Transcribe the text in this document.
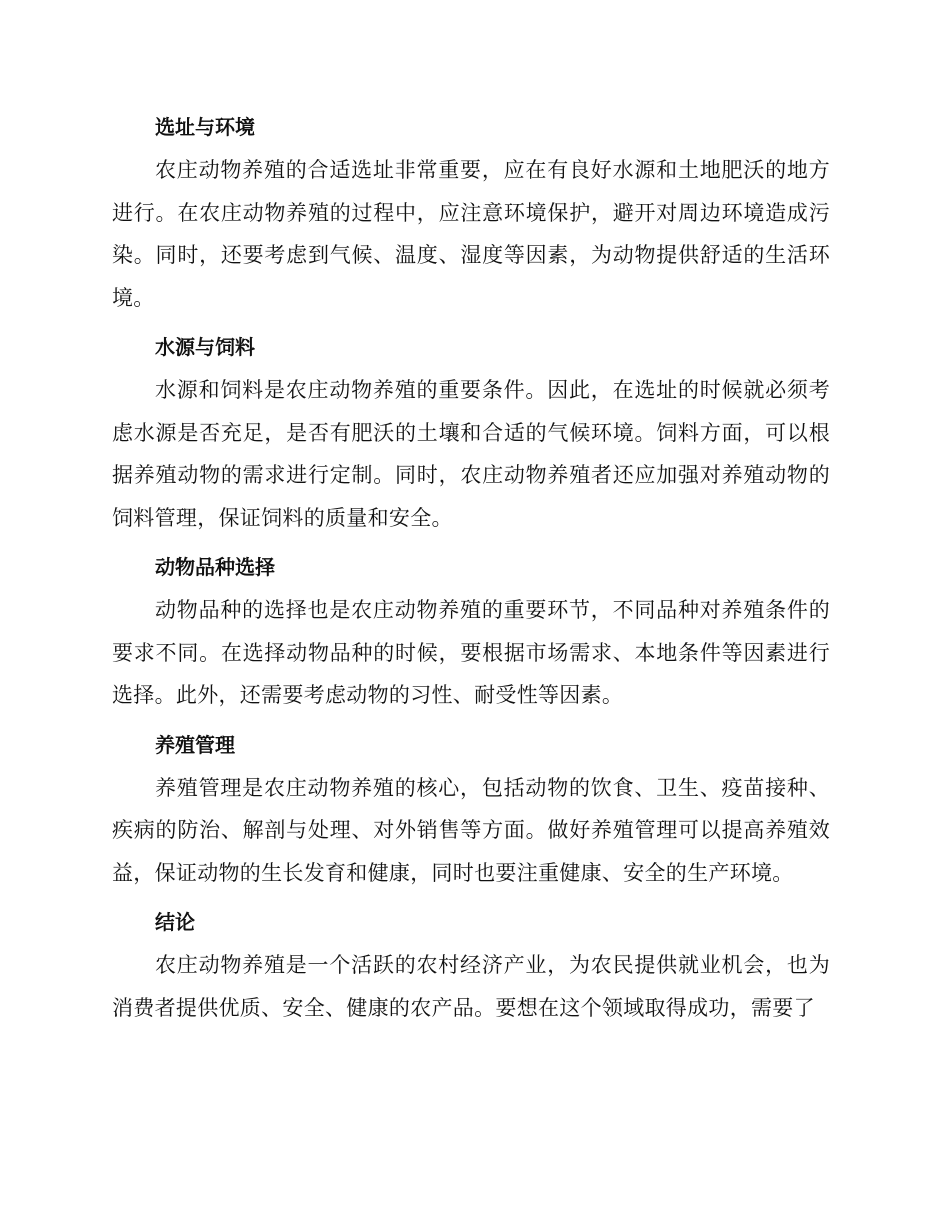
选址与环境

农庄动物养殖的合适选址非常重要，应在有良好水源和土地肥沃的地方进行。在农庄动物养殖的过程中，应注意环境保护，避开对周边环境造成污染。同时，还要考虑到气候、温度、湿度等因素，为动物提供舒适的生活环境。

水源与饲料

水源和饲料是农庄动物养殖的重要条件。因此，在选址的时候就必须考虑水源是否充足，是否有肥沃的土壤和合适的气候环境。饲料方面，可以根据养殖动物的需求进行定制。同时，农庄动物养殖者还应加强对养殖动物的饲料管理，保证饲料的质量和安全。

动物品种选择

动物品种的选择也是农庄动物养殖的重要环节，不同品种对养殖条件的要求不同。在选择动物品种的时候，要根据市场需求、本地条件等因素进行选择。此外，还需要考虑动物的习性、耐受性等因素。

养殖管理

养殖管理是农庄动物养殖的核心，包括动物的饮食、卫生、疫苗接种、疾病的防治、解剖与处理、对外销售等方面。做好养殖管理可以提高养殖效益，保证动物的生长发育和健康，同时也要注重健康、安全的生产环境。

结论

农庄动物养殖是一个活跃的农村经济产业，为农民提供就业机会，也为消费者提供优质、安全、健康的农产品。要想在这个领域取得成功，需要了
